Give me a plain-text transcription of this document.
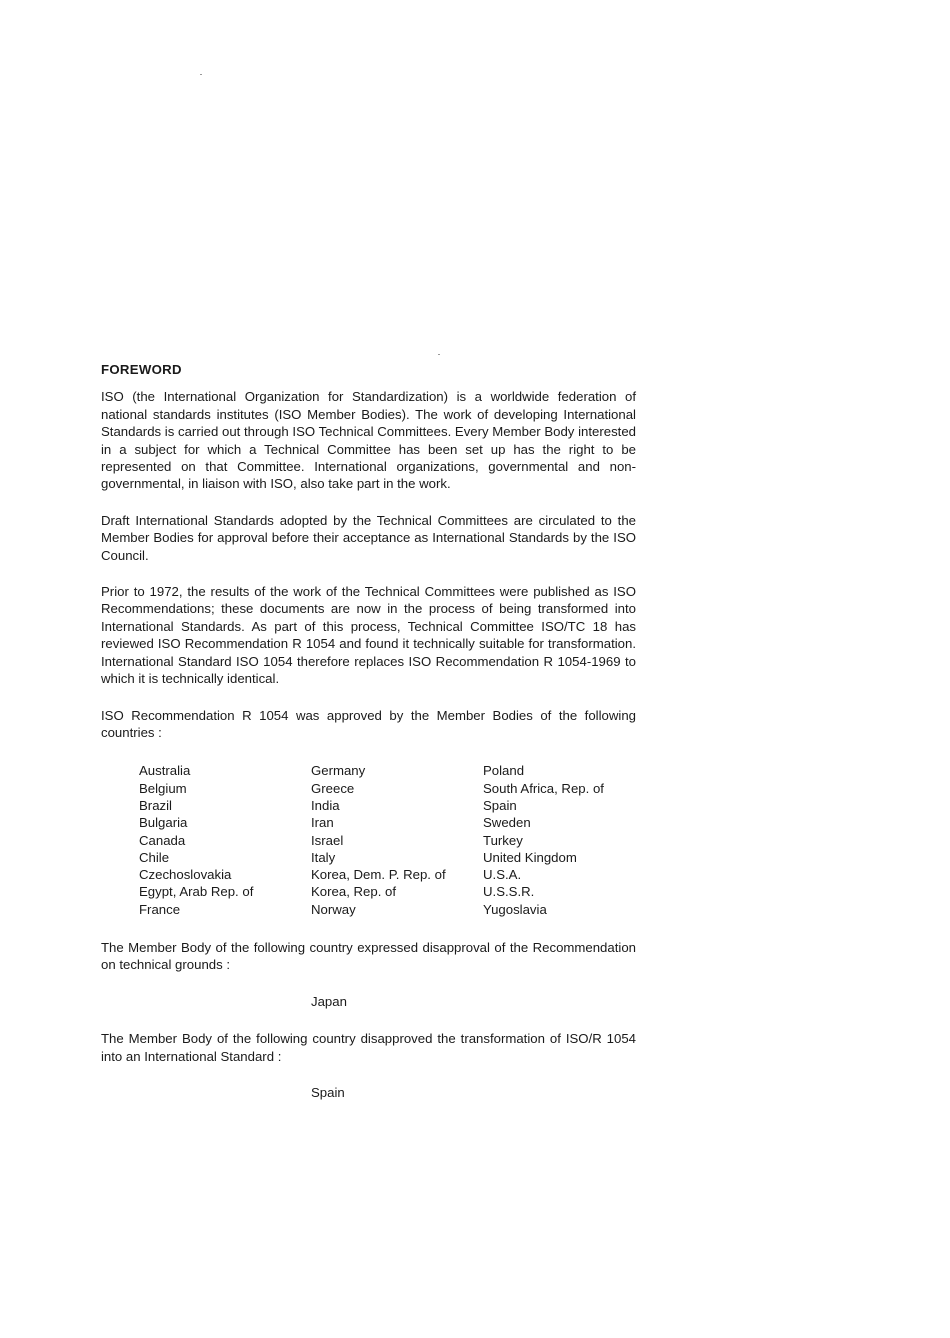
FOREWORD

ISO (the International Organization for Standardization) is a worldwide federation of national standards institutes (ISO Member Bodies). The work of developing International Standards is carried out through ISO Technical Committees. Every Member Body interested in a subject for which a Technical Committee has been set up has the right to be represented on that Committee. International organizations, governmental and non-governmental, in liaison with ISO, also take part in the work.

Draft International Standards adopted by the Technical Committees are circulated to the Member Bodies for approval before their acceptance as International Standards by the ISO Council.

Prior to 1972, the results of the work of the Technical Committees were published as ISO Recommendations; these documents are now in the process of being transformed into International Standards. As part of this process, Technical Committee ISO/TC 18 has reviewed ISO Recommendation R 1054 and found it technically suitable for transformation. International Standard ISO 1054 therefore replaces ISO Recommendation R 1054-1969 to which it is technically identical.

ISO Recommendation R 1054 was approved by the Member Bodies of the following countries :

Australia
Belgium
Brazil
Bulgaria
Canada
Chile
Czechoslovakia
Egypt, Arab Rep. of
France
Germany
Greece
India
Iran
Israel
Italy
Korea, Dem. P. Rep. of
Korea, Rep. of
Norway
Poland
South Africa, Rep. of
Spain
Sweden
Turkey
United Kingdom
U.S.A.
U.S.S.R.
Yugoslavia

The Member Body of the following country expressed disapproval of the Recommendation on technical grounds :

Japan

The Member Body of the following country disapproved the transformation of ISO/R 1054 into an International Standard :

Spain
